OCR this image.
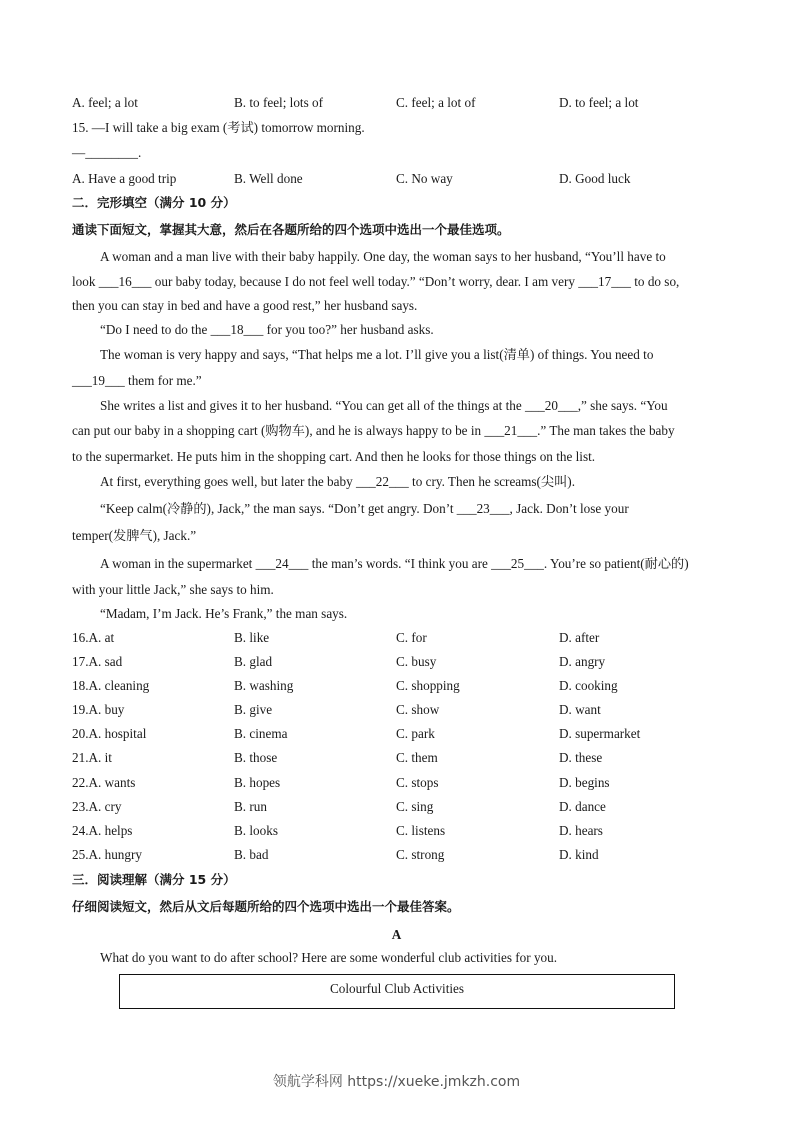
A. feel; a lot	B. to feel; lots of	C. feel; a lot of	D. to feel; a lot
15. —I will take a big exam (考试) tomorrow morning.
—________.
A. Have a good trip	B. Well done	C. No way	D. Good luck
二．完形填空（满分 10 分）
通读下面短文，掌握其大意，然后在各题所给的四个选项中选出一个最佳选项。
A woman and a man live with their baby happily. One day, the woman says to her husband, “You’ll have to
look ___16___ our baby today, because I do not feel well today.” “Don’t worry, dear. I am very ___17___ to do so,
then you can stay in bed and have a good rest,” her husband says.
“Do I need to do the ___18___ for you too?” her husband asks.
The woman is very happy and says, “That helps me a lot. I’ll give you a list(清单) of things. You need to
___19___ them for me.”
She writes a list and gives it to her husband. “You can get all of the things at the ___20___,” she says. “You
can put our baby in a shopping cart (购物车), and he is always happy to be in ___21___.” The man takes the baby
to the supermarket. He puts him in the shopping cart. And then he looks for those things on the list.
At first, everything goes well, but later the baby ___22___ to cry. Then he screams(尖叫).
“Keep calm(冷静的), Jack,” the man says. “Don’t get angry. Don’t ___23___, Jack. Don’t lose your
temper(发脾气), Jack.”
A woman in the supermarket ___24___ the man’s words. “I think you are ___25___. You’re so patient(耐心的)
with your little Jack,” she says to him.
“Madam, I’m Jack. He’s Frank,” the man says.
16.A. at	B. like	C. for	D. after
17.A. sad	B. glad	C. busy	D. angry
18.A. cleaning	B. washing	C. shopping	D. cooking
19.A. buy	B. give	C. show	D. want
20.A. hospital	B. cinema	C. park	D. supermarket
21.A. it	B. those	C. them	D. these
22.A. wants	B. hopes	C. stops	D. begins
23.A. cry	B. run	C. sing	D. dance
24.A. helps	B. looks	C. listens	D. hears
25.A. hungry	B. bad	C. strong	D. kind
三．阅读理解（满分 15 分）
仔细阅读短文，然后从文后每题所给的四个选项中选出一个最佳答案。
A
What do you want to do after school? Here are some wonderful club activities for you.
Colourful Club Activities
领航学科网 https://xueke.jmkzh.com
